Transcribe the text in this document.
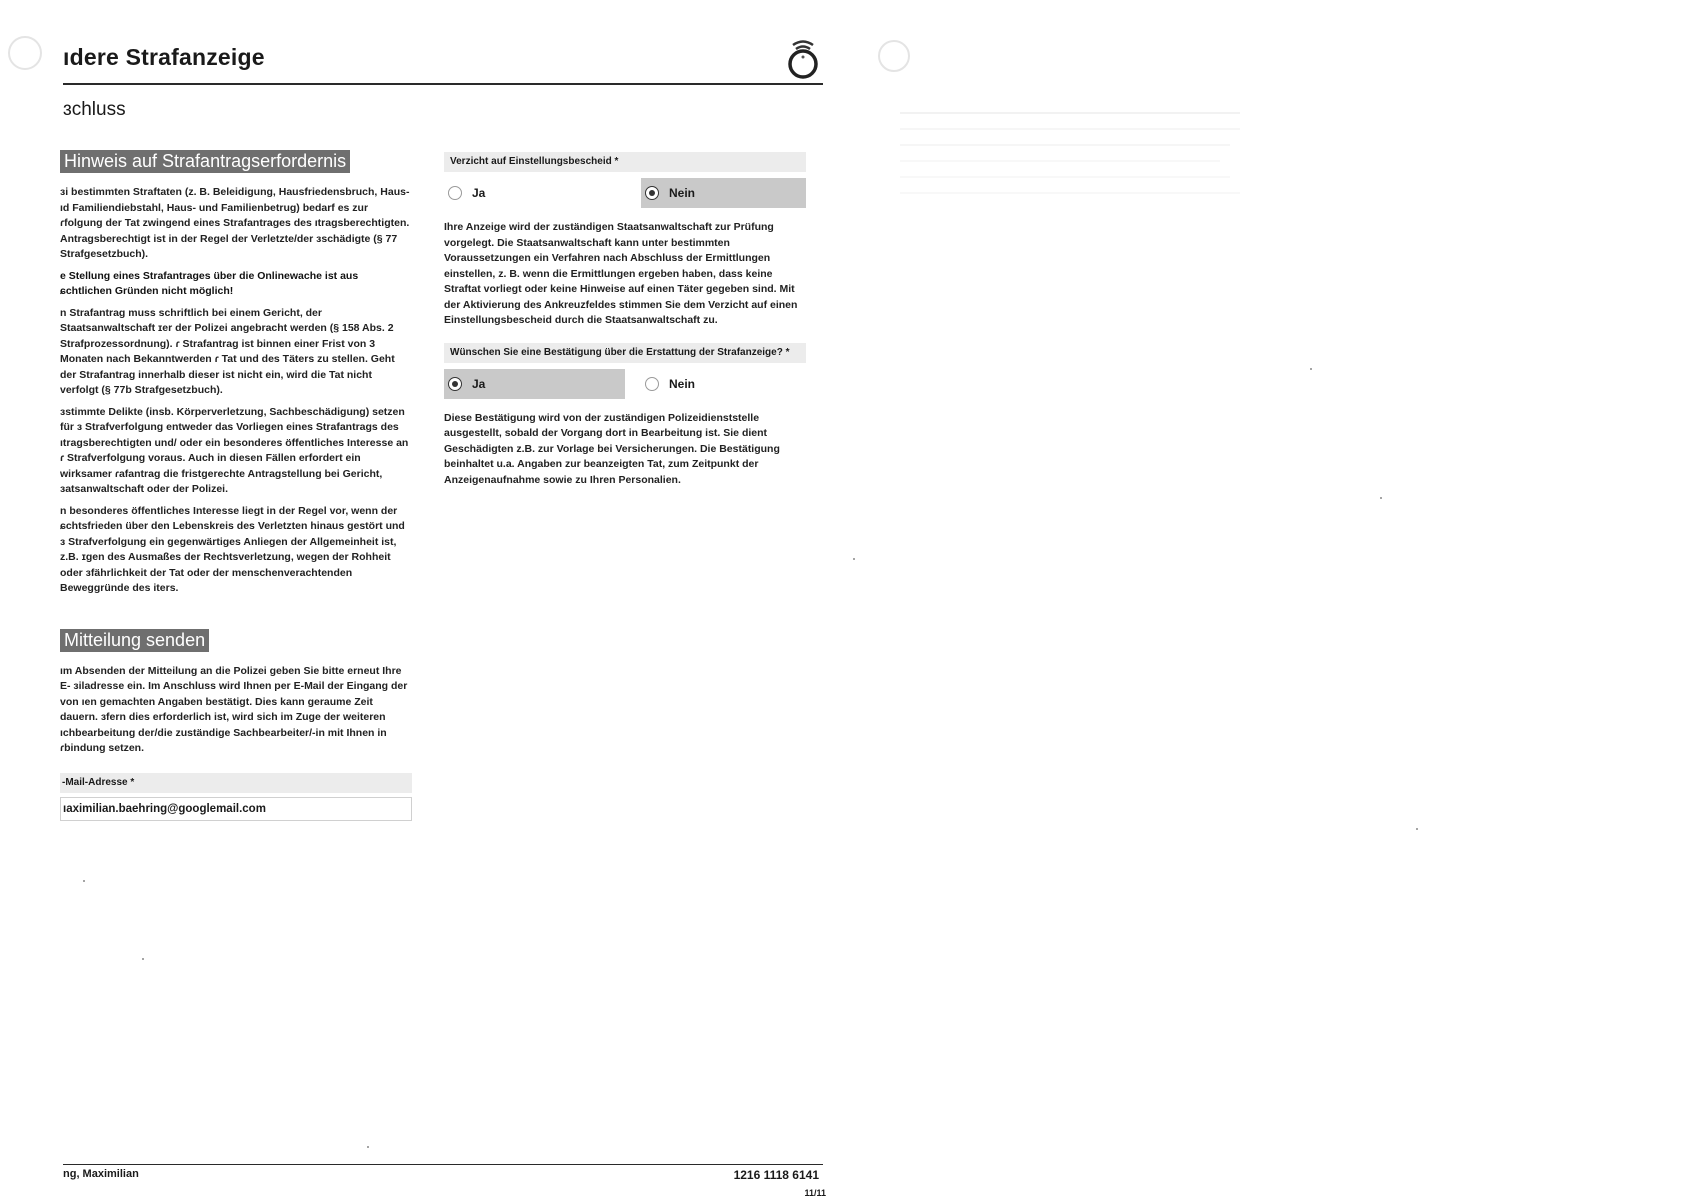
ıdere Strafanzeige
ɜchluss
Hinweis auf Strafantragserfordernis

ɜi bestimmten Straftaten (z. B. Beleidigung, Hausfriedensbruch, Haus- ıd Familiendiebstahl, Haus- und Familienbetrug) bedarf es zur ɾfolgung der Tat zwingend eines Strafantrages des ıtragsberechtigten. Antragsberechtigt ist in der Regel der Verletzte/der ɜschädigte (§ 77 Strafgesetzbuch).

e Stellung eines Strafantrages über die Onlinewache ist aus ɕchtlichen Gründen nicht möglich!

n Strafantrag muss schriftlich bei einem Gericht, der Staatsanwaltschaft ɪer der Polizei angebracht werden (§ 158 Abs. 2 Strafprozessordnung). ɾ Strafantrag ist binnen einer Frist von 3 Monaten nach Bekanntwerden ɾ Tat und des Täters zu stellen. Geht der Strafantrag innerhalb dieser ist nicht ein, wird die Tat nicht verfolgt (§ 77b Strafgesetzbuch).

ɜstimmte Delikte (insb. Körperverletzung, Sachbeschädigung) setzen für ɜ Strafverfolgung entweder das Vorliegen eines Strafantrags des ıtragsberechtigten und/ oder ein besonderes öffentliches Interesse an ɾ Strafverfolgung voraus. Auch in diesen Fällen erfordert ein wirksamer ɾafantrag die fristgerechte Antragstellung bei Gericht, ɜatsanwaltschaft oder der Polizei.

n besonderes öffentliches Interesse liegt in der Regel vor, wenn der ɕchtsfrieden über den Lebenskreis des Verletzten hinaus gestört und ɜ Strafverfolgung ein gegenwärtiges Anliegen der Allgemeinheit ist, z.B. ɪgen des Ausmaßes der Rechtsverletzung, wegen der Rohheit oder ɜfährlichkeit der Tat oder der menschenverachtenden Beweggründe des iters.

Mitteilung senden

ım Absenden der Mitteilung an die Polizei geben Sie bitte erneut Ihre E- ɜiladresse ein. Im Anschluss wird Ihnen per E-Mail der Eingang der von ıen gemachten Angaben bestätigt. Dies kann geraume Zeit dauern. ɜfern dies erforderlich ist, wird sich im Zuge der weiteren ıchbearbeitung der/die zuständige Sachbearbeiter/-in mit Ihnen in ɾbindung setzen.

-Mail-Adresse *
ıaximilian.baehring@googlemail.com
Verzicht auf Einstellungsbescheid *
Ja	Nein

Ihre Anzeige wird der zuständigen Staatsanwaltschaft zur Prüfung vorgelegt. Die Staatsanwaltschaft kann unter bestimmten Voraussetzungen ein Verfahren nach Abschluss der Ermittlungen einstellen, z. B. wenn die Ermittlungen ergeben haben, dass keine Straftat vorliegt oder keine Hinweise auf einen Täter gegeben sind. Mit der Aktivierung des Ankreuzfeldes stimmen Sie dem Verzicht auf einen Einstellungsbescheid durch die Staatsanwaltschaft zu.

Wünschen Sie eine Bestätigung über die Erstattung der Strafanzeige? *
Ja	Nein

Diese Bestätigung wird von der zuständigen Polizeidienststelle ausgestellt, sobald der Vorgang dort in Bearbeitung ist. Sie dient Geschädigten z.B. zur Vorlage bei Versicherungen. Die Bestätigung beinhaltet u.a. Angaben zur beanzeigten Tat, zum Zeitpunkt der Anzeigenaufnahme sowie zu Ihren Personalien.

ng, Maximilian	1216 1118 6141
11/11
